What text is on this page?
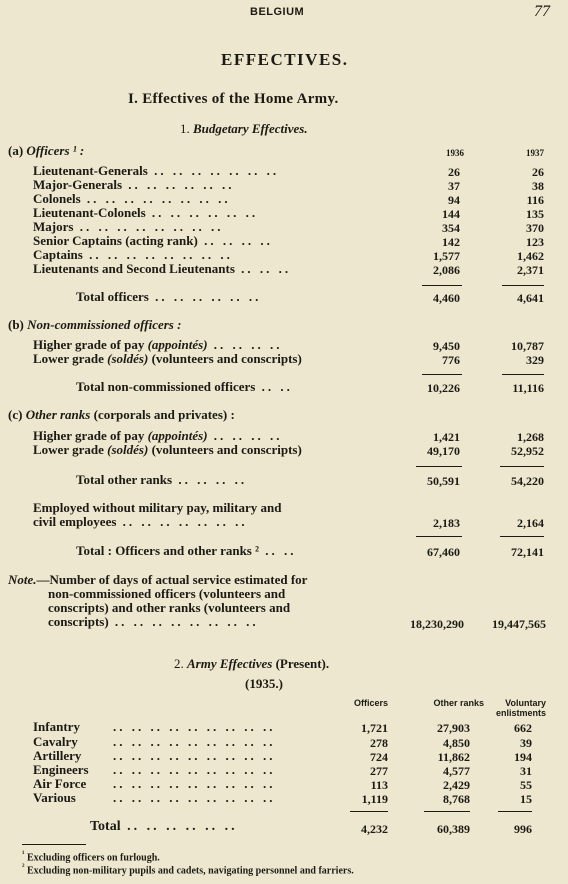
BELGIUM	77
EFFECTIVES.
I. Effectives of the Home Army.
1. Budgetary Effectives.
(a) Officers ¹ :	1936	1937
Lieutenant-Generals .. .. .. .. .. .. ..	26	26
Major-Generals .. .. .. .. .. ..	37	38
Colonels .. .. .. .. .. .. .. ..	94	116
Lieutenant-Colonels .. .. .. .. .. ..	144	135
Majors .. .. .. .. .. .. .. ..	354	370
Senior Captains (acting rank) .. .. .. ..	142	123
Captains .. .. .. .. .. .. .. ..	1,577	1,462
Lieutenants and Second Lieutenants .. .. ..	2,086	2,371
Total officers .. .. .. .. .. ..	4,460	4,641
(b) Non-commissioned officers :
Higher grade of pay (appointés) .. .. .. ..	9,450	10,787
Lower grade (soldés) (volunteers and conscripts)	776	329
Total non-commissioned officers .. ..	10,226	11,116
(c) Other ranks (corporals and privates) :
Higher grade of pay (appointés) .. .. .. ..	1,421	1,268
Lower grade (soldés) (volunteers and conscripts)	49,170	52,952
Total other ranks .. .. .. ..	50,591	54,220
Employed without military pay, military and
civil employees .. .. .. .. .. .. ..	2,183	2,164
Total : Officers and other ranks ² .. ..	67,460	72,141
Note.—Number of days of actual service estimated for
non-commissioned officers (volunteers and
conscripts) and other ranks (volunteers and
conscripts) .. .. .. .. .. .. .. ..	18,230,290	19,447,565
2. Army Effectives (Present).
(1935.)
Officers	Other ranks	Voluntary enlistments
Infantry	.. .. .. .. .. .. .. .. ..	1,721	27,903	662
Cavalry	.. .. .. .. .. .. .. .. ..	278	4,850	39
Artillery .. .. .. .. .. .. .. .. ..	724	11,862	194
Engineers .. .. .. .. .. .. .. .. ..	277	4,577	31
Air Force .. .. .. .. .. .. .. .. ..	113	2,429	55
Various	.. .. .. .. .. .. .. .. ..	1,119	8,768	15
Total .. .. .. .. .. ..	4,232	60,389	996
$^{^1}$ Excluding officers on furlough.
$^{^2}$ Excluding non-military pupils and cadets, navigating personnel and farriers.
